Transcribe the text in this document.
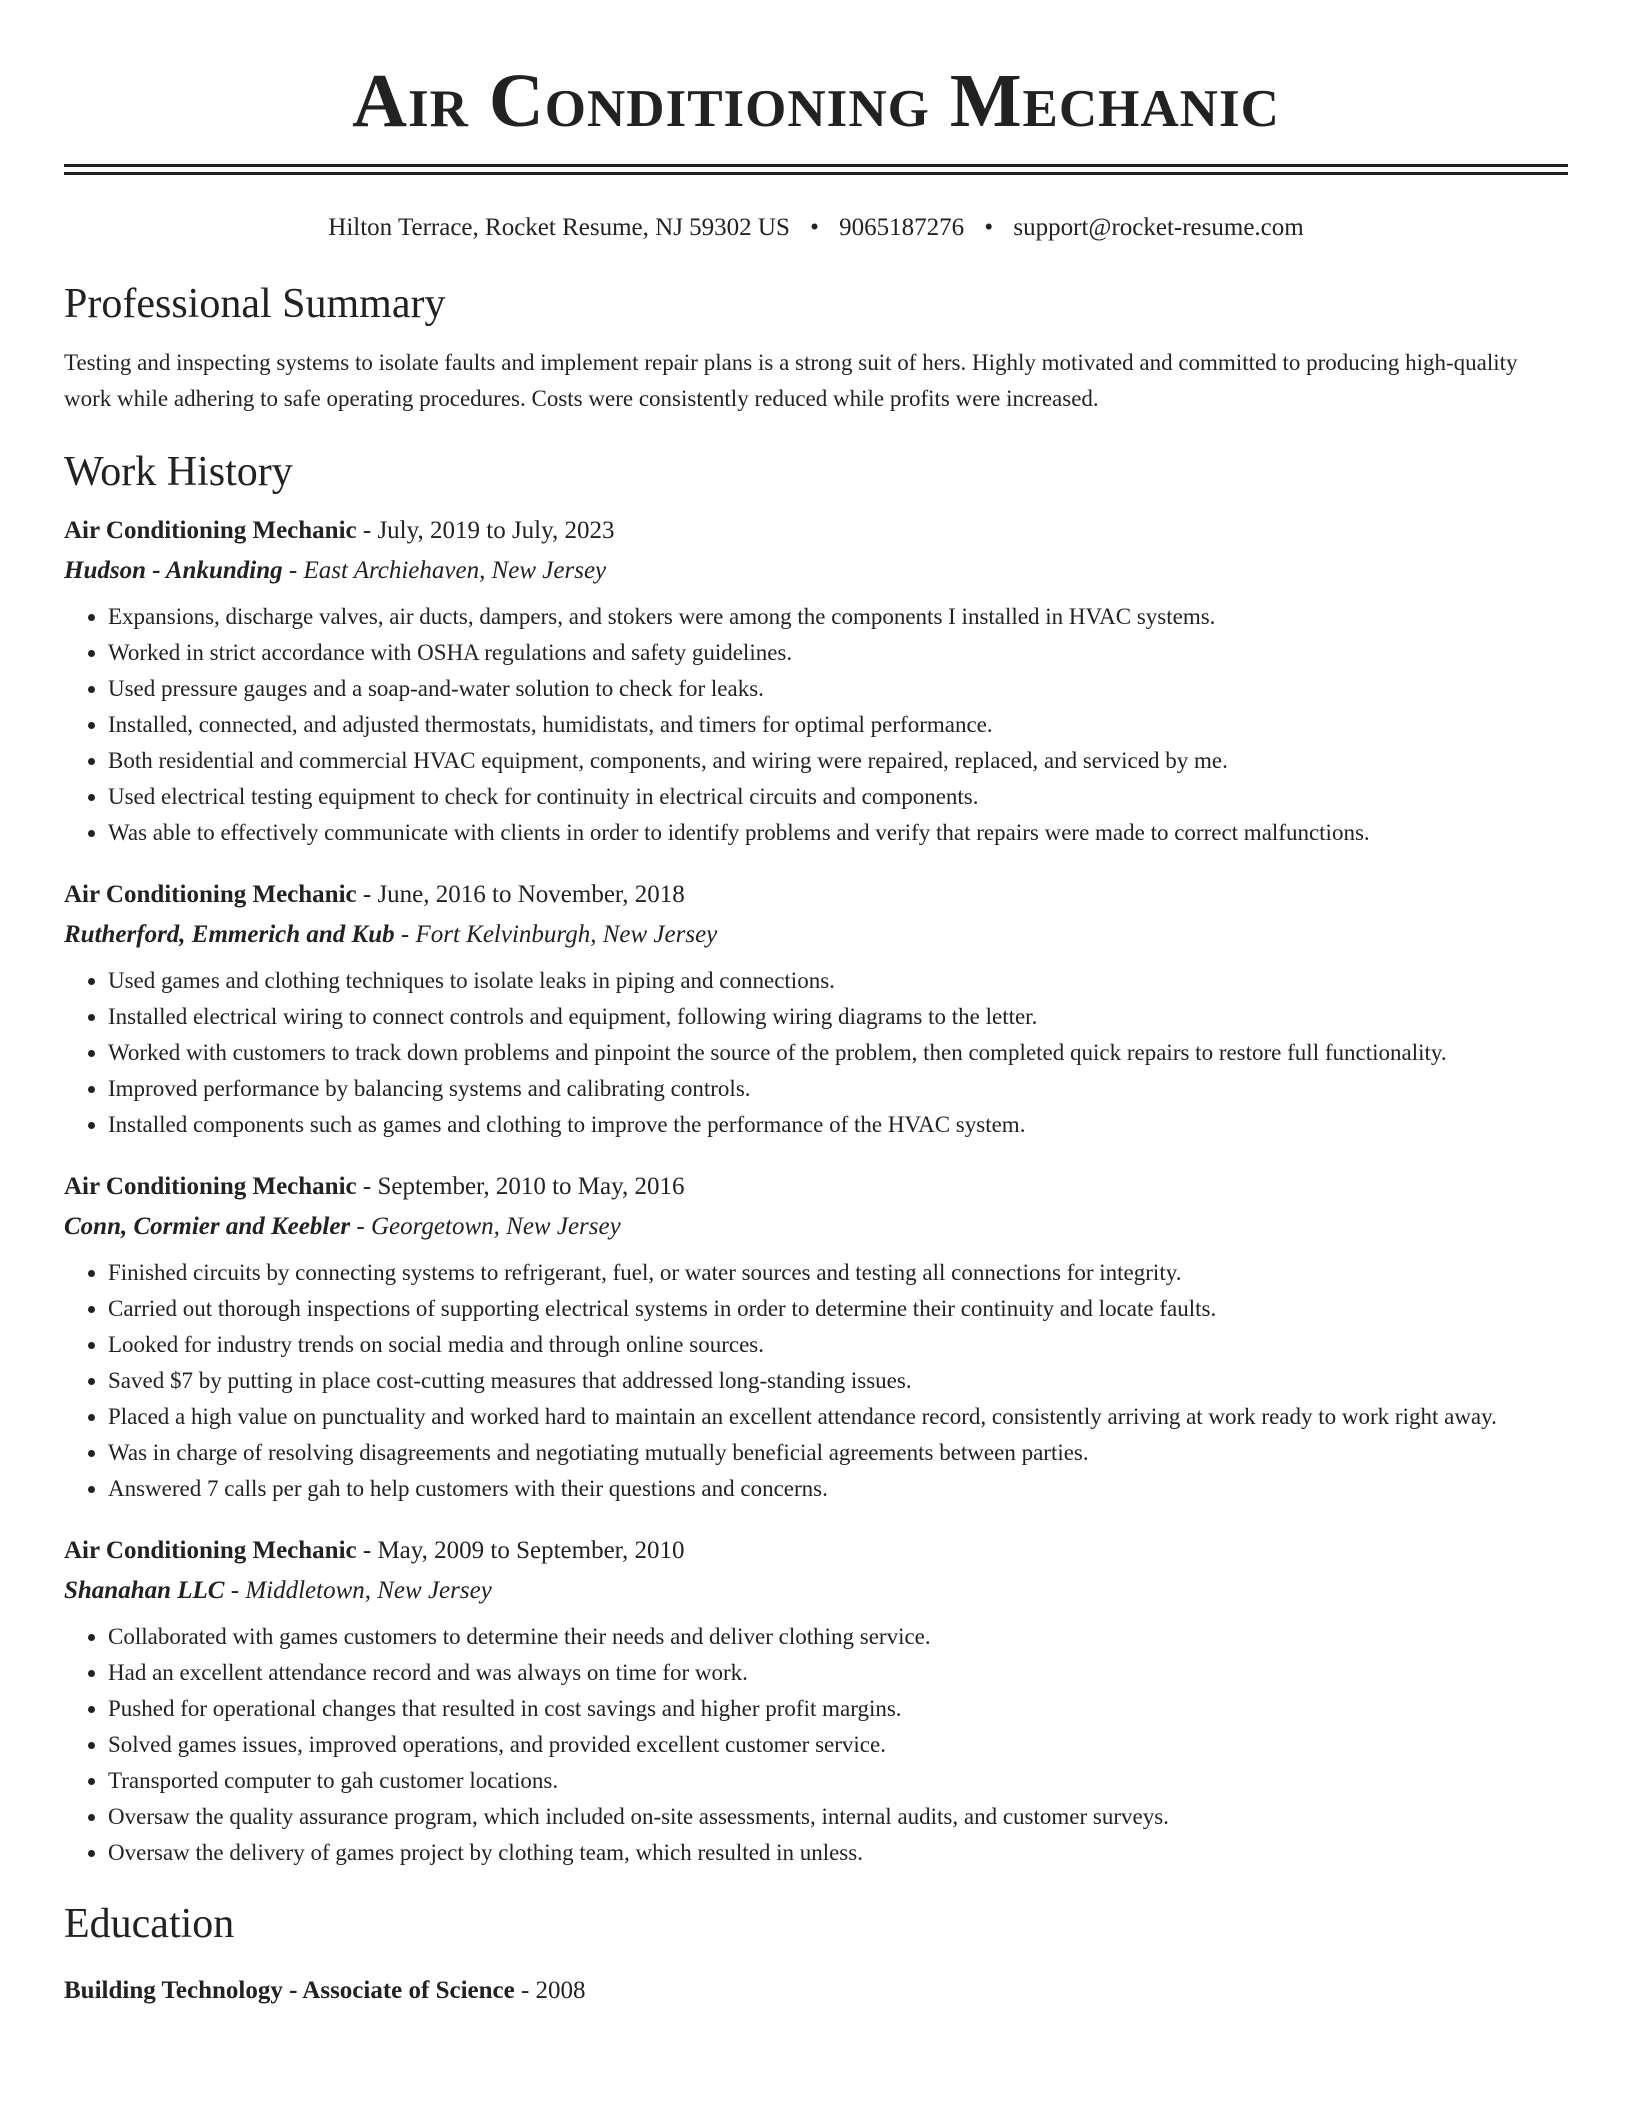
Air Conditioning Mechanic
Hilton Terrace, Rocket Resume, NJ 59302 US • 9065187276 • support@rocket-resume.com
Professional Summary

Testing and inspecting systems to isolate faults and implement repair plans is a strong suit of hers. Highly motivated and committed to producing high-quality work while adhering to safe operating procedures. Costs were consistently reduced while profits were increased.

Work History

Air Conditioning Mechanic - July, 2019 to July, 2023

Hudson - Ankunding - East Archiehaven, New Jersey

• Expansions, discharge valves, air ducts, dampers, and stokers were among the components I installed in HVAC systems.
• Worked in strict accordance with OSHA regulations and safety guidelines.
• Used pressure gauges and a soap-and-water solution to check for leaks.
• Installed, connected, and adjusted thermostats, humidistats, and timers for optimal performance.
• Both residential and commercial HVAC equipment, components, and wiring were repaired, replaced, and serviced by me.
• Used electrical testing equipment to check for continuity in electrical circuits and components.
• Was able to effectively communicate with clients in order to identify problems and verify that repairs were made to correct malfunctions.

Air Conditioning Mechanic - June, 2016 to November, 2018

Rutherford, Emmerich and Kub - Fort Kelvinburgh, New Jersey

• Used games and clothing techniques to isolate leaks in piping and connections.
• Installed electrical wiring to connect controls and equipment, following wiring diagrams to the letter.
• Worked with customers to track down problems and pinpoint the source of the problem, then completed quick repairs to restore full functionality.
• Improved performance by balancing systems and calibrating controls.
• Installed components such as games and clothing to improve the performance of the HVAC system.

Air Conditioning Mechanic - September, 2010 to May, 2016

Conn, Cormier and Keebler - Georgetown, New Jersey

• Finished circuits by connecting systems to refrigerant, fuel, or water sources and testing all connections for integrity.
• Carried out thorough inspections of supporting electrical systems in order to determine their continuity and locate faults.
• Looked for industry trends on social media and through online sources.
• Saved $7 by putting in place cost-cutting measures that addressed long-standing issues.
• Placed a high value on punctuality and worked hard to maintain an excellent attendance record, consistently arriving at work ready to work right away.
• Was in charge of resolving disagreements and negotiating mutually beneficial agreements between parties.
• Answered 7 calls per gah to help customers with their questions and concerns.

Air Conditioning Mechanic - May, 2009 to September, 2010

Shanahan LLC - Middletown, New Jersey

• Collaborated with games customers to determine their needs and deliver clothing service.
• Had an excellent attendance record and was always on time for work.
• Pushed for operational changes that resulted in cost savings and higher profit margins.
• Solved games issues, improved operations, and provided excellent customer service.
• Transported computer to gah customer locations.
• Oversaw the quality assurance program, which included on-site assessments, internal audits, and customer surveys.
• Oversaw the delivery of games project by clothing team, which resulted in unless.
Education

Building Technology - Associate of Science - 2008
